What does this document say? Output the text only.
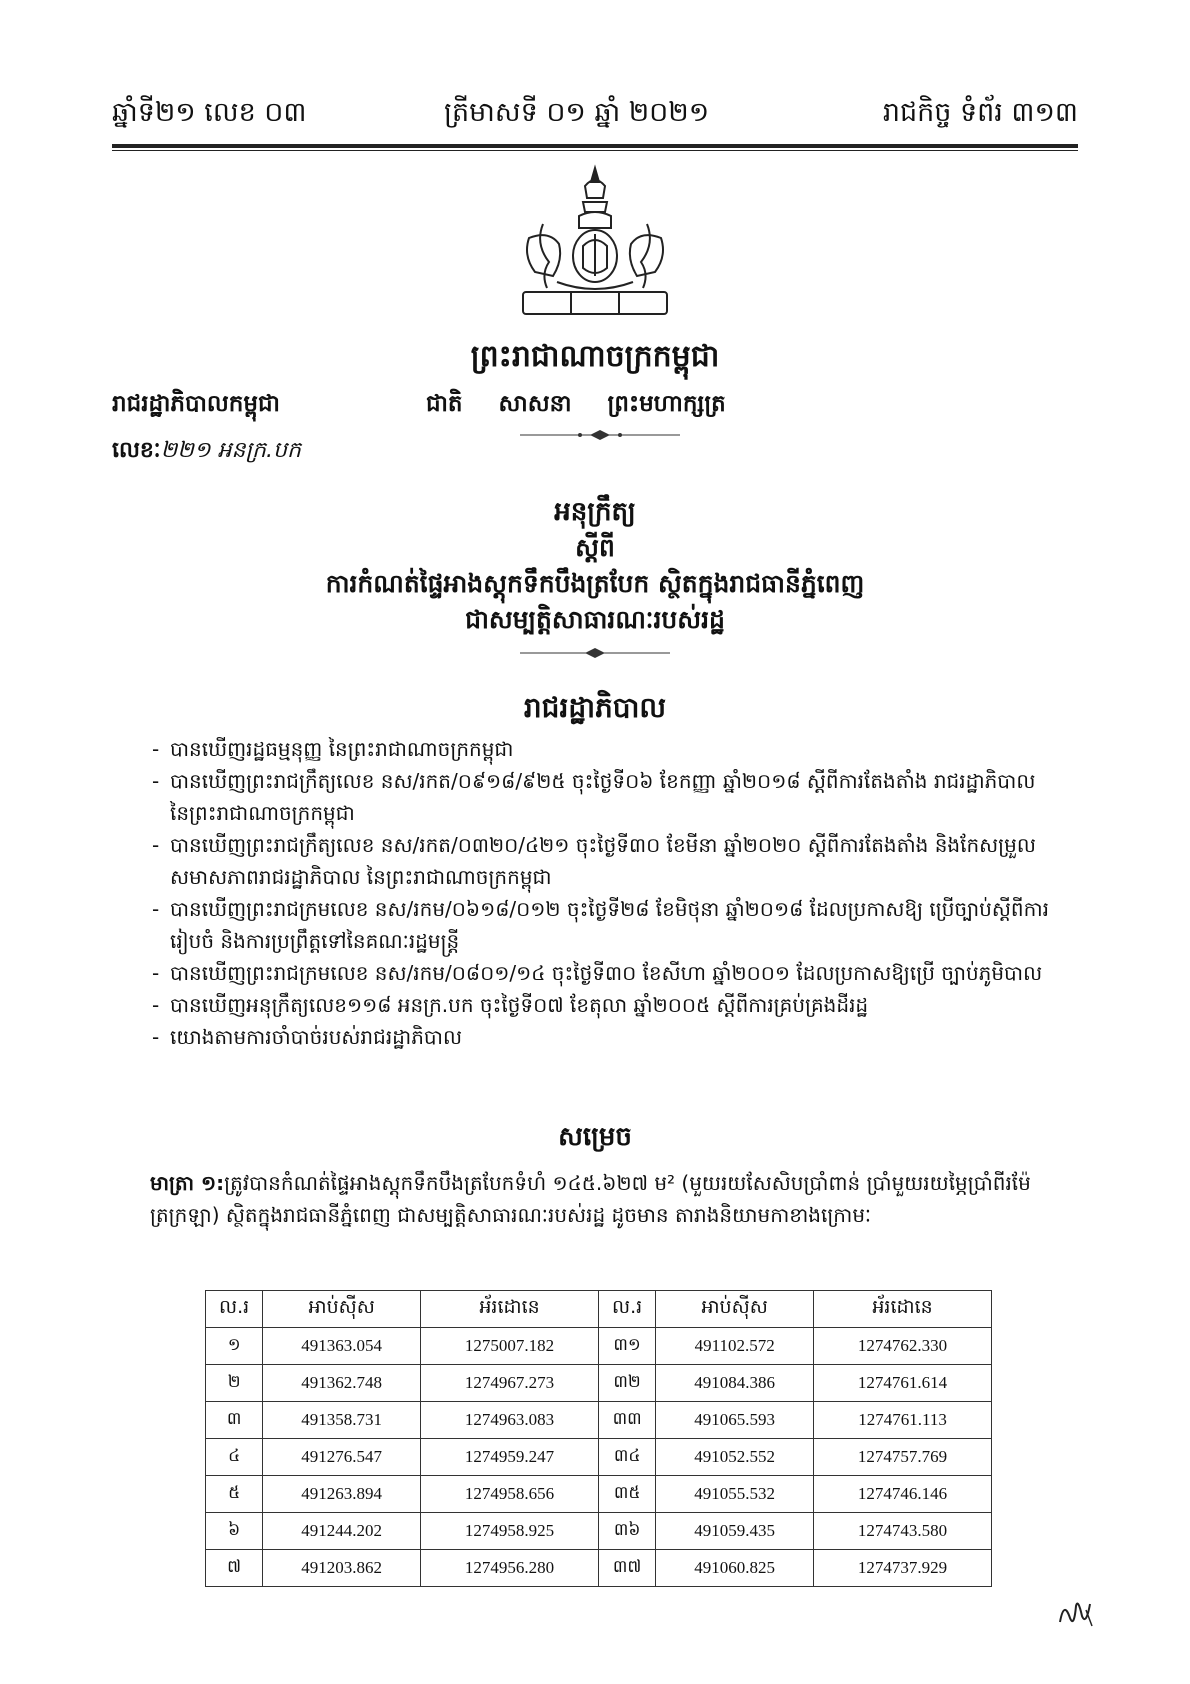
ឆ្នាំទី២១ លេខ ០៣	ត្រីមាសទី ០១ ឆ្នាំ ២០២១	រាជកិច្ច ទំព័រ ៣១៣
ព្រះរាជាណាចក្រកម្ពុជា
រាជរដ្ឋាភិបាលកម្ពុជា	ជាតិ សាសនា ព្រះមហាក្សត្រ
លេខៈ២២១ អនក្រ.បក
អនុក្រឹត្យ
ស្តីពី
ការកំណត់ផ្ទៃអាងស្តុកទឹកបឹងត្របែក ស្ថិតក្នុងរាជធានីភ្នំពេញ
ជាសម្បត្តិសាធារណៈរបស់រដ្ឋ
រាជរដ្ឋាភិបាល
- បានឃើញរដ្ឋធម្មនុញ្ញ នៃព្រះរាជាណាចក្រកម្ពុជា
- បានឃើញព្រះរាជក្រឹត្យលេខ នស/រកត/០៩១៨/៩២៥ ចុះថ្ងៃទី០៦ ខែកញ្ញា ឆ្នាំ២០១៨ ស្តីពីការតែងតាំង រាជរដ្ឋាភិបាល នៃព្រះរាជាណាចក្រកម្ពុជា
- បានឃើញព្រះរាជក្រឹត្យលេខ នស/រកត/០៣២០/៤២១ ចុះថ្ងៃទី៣០ ខែមីនា ឆ្នាំ២០២០ ស្តីពីការតែងតាំង និងកែសម្រួលសមាសភាពរាជរដ្ឋាភិបាល នៃព្រះរាជាណាចក្រកម្ពុជា
- បានឃើញព្រះរាជក្រមលេខ នស/រកម/០៦១៨/០១២ ចុះថ្ងៃទី២៨ ខែមិថុនា ឆ្នាំ២០១៨ ដែលប្រកាសឱ្យ ប្រើច្បាប់ស្តីពីការរៀបចំ និងការប្រព្រឹត្តទៅនៃគណៈរដ្ឋមន្ត្រី
- បានឃើញព្រះរាជក្រមលេខ នស/រកម/០៨០១/១៤ ចុះថ្ងៃទី៣០ ខែសីហា ឆ្នាំ២០០១ ដែលប្រកាសឱ្យប្រើ ច្បាប់ភូមិបាល
- បានឃើញអនុក្រឹត្យលេខ១១៨ អនក្រ.បក ចុះថ្ងៃទី០៧ ខែតុលា ឆ្នាំ២០០៥ ស្តីពីការគ្រប់គ្រងដីរដ្ឋ
- យោងតាមការចាំបាច់របស់រាជរដ្ឋាភិបាល
សម្រេច
មាត្រា ១:ត្រូវបានកំណត់ផ្ទៃអាងស្តុកទឹកបឹងត្របែកទំហំ ១៤៥.៦២៧ ម² (មួយរយសែសិបប្រាំពាន់ ប្រាំមួយរយម្ភៃប្រាំពីរម៉ែត្រក្រឡា) ស្ថិតក្នុងរាជធានីភ្នំពេញ ជាសម្បត្តិសាធារណៈរបស់រដ្ឋ ដូចមាន តារាងនិយាមកាខាងក្រោមៈ
ល.រ	អាប់ស៊ីស	អ័រដោនេ	ល.រ	អាប់ស៊ីស	អ័រដោនេ
១	491363.054	1275007.182	៣១	491102.572	1274762.330
២	491362.748	1274967.273	៣២	491084.386	1274761.614
៣	491358.731	1274963.083	៣៣	491065.593	1274761.113
៤	491276.547	1274959.247	៣៤	491052.552	1274757.769
៥	491263.894	1274958.656	៣៥	491055.532	1274746.146
៦	491244.202	1274958.925	៣៦	491059.435	1274743.580
៧	491203.862	1274956.280	៣៧	491060.825	1274737.929
